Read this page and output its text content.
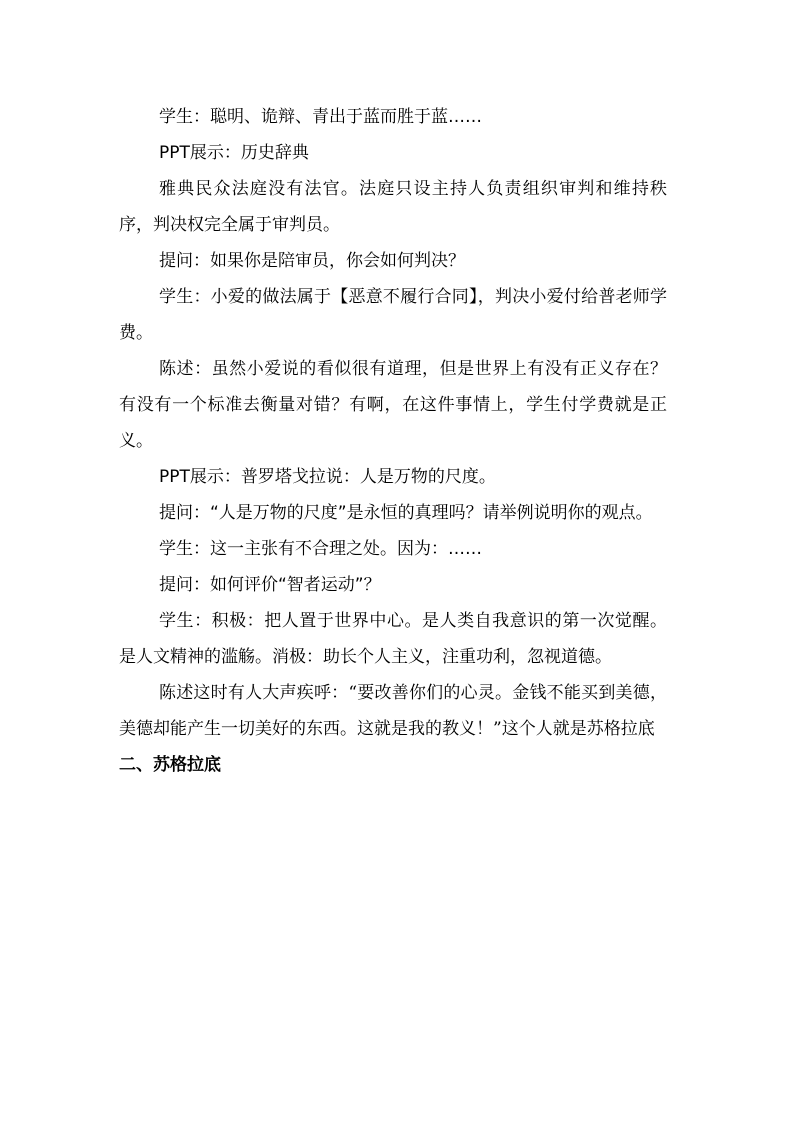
学生：聪明、诡辩、青出于蓝而胜于蓝……

PPT展示：历史辞典

雅典民众法庭没有法官。法庭只设主持人负责组织审判和维持秩序，判决权完全属于审判员。

提问：如果你是陪审员，你会如何判决？

学生：小爱的做法属于【恶意不履行合同】，判决小爱付给普老师学费。

陈述：虽然小爱说的看似很有道理，但是世界上有没有正义存在？有没有一个标准去衡量对错？有啊，在这件事情上，学生付学费就是正义。

PPT展示：普罗塔戈拉说：人是万物的尺度。

提问：“人是万物的尺度”是永恒的真理吗？请举例说明你的观点。

学生：这一主张有不合理之处。因为：……

提问：如何评价“智者运动”？

学生：积极：把人置于世界中心。是人类自我意识的第一次觉醒。是人文精神的滥觞。消极：助长个人主义，注重功利，忽视道德。

陈述这时有人大声疾呼：“要改善你们的心灵。金钱不能买到美德，美德却能产生一切美好的东西。这就是我的教义！”这个人就是苏格拉底

二、苏格拉底
